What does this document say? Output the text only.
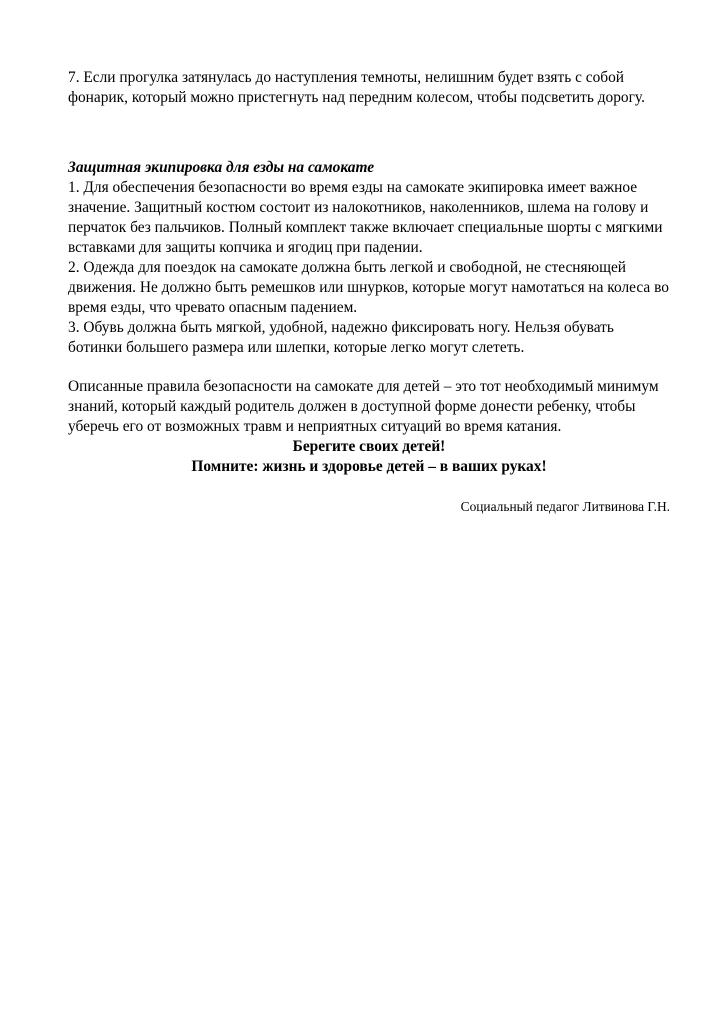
7. Если прогулка затянулась до наступления темноты, нелишним будет взять с собой фонарик, который можно пристегнуть над передним колесом, чтобы подсветить дорогу.

Защитная экипировка для езды на самокате

1. Для обеспечения безопасности во время езды на самокате экипировка имеет важное значение. Защитный костюм состоит из налокотников, наколенников, шлема на голову и перчаток без пальчиков. Полный комплект также включает специальные шорты с мягкими вставками для защиты копчика и ягодиц при падении.

2. Одежда для поездок на самокате должна быть легкой и свободной, не стесняющей движения. Не должно быть ремешков или шнурков, которые могут намотаться на колеса во время езды, что чревато опасным падением.

3. Обувь должна быть мягкой, удобной, надежно фиксировать ногу. Нельзя обувать ботинки большего размера или шлепки, которые легко могут слететь.

Описанные правила безопасности на самокате для детей – это тот необходимый минимум знаний, который каждый родитель должен в доступной форме донести ребенку, чтобы уберечь его от возможных травм и неприятных ситуаций во время катания.

Берегите своих детей!

Помните: жизнь и здоровье детей – в ваших руках!

Социальный педагог Литвинова Г.Н.
